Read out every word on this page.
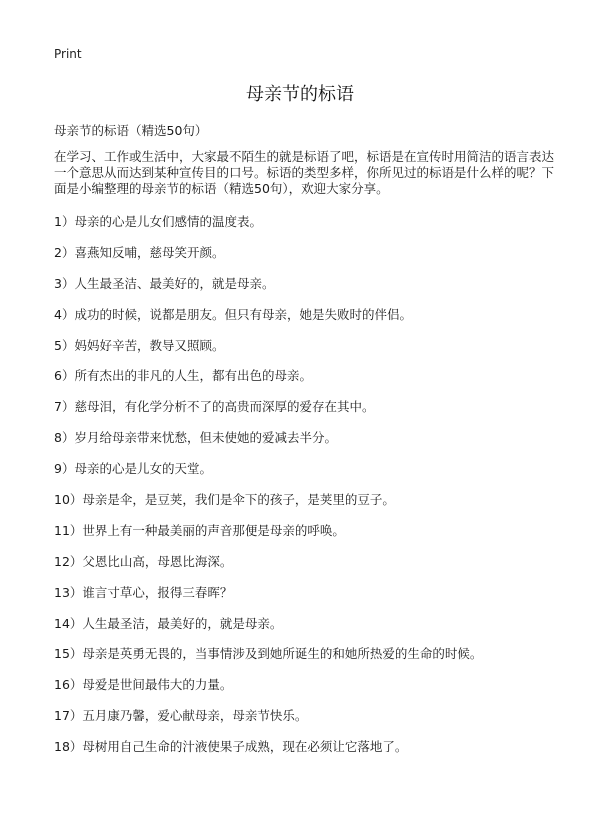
Print
母亲节的标语

母亲节的标语（精选50句）

在学习、工作或生活中，大家最不陌生的就是标语了吧，标语是在宣传时用简洁的语言表达一个意思从而达到某种宣传目的口号。标语的类型多样，你所见过的标语是什么样的呢？下面是小编整理的母亲节的标语（精选50句），欢迎大家分享。

1）母亲的心是儿女们感情的温度表。
2）喜燕知反哺，慈母笑开颜。
3）人生最圣洁、最美好的，就是母亲。
4）成功的时候，说都是朋友。但只有母亲，她是失败时的伴侣。
5）妈妈好辛苦，教导又照顾。
6）所有杰出的非凡的人生，都有出色的母亲。
7）慈母泪，有化学分析不了的高贵而深厚的爱存在其中。
8）岁月给母亲带来忧愁，但未使她的爱减去半分。
9）母亲的心是儿女的天堂。
10）母亲是伞，是豆荚，我们是伞下的孩子，是荚里的豆子。
11）世界上有一种最美丽的声音那便是母亲的呼唤。
12）父恩比山高，母恩比海深。
13）谁言寸草心，报得三春晖？
14）人生最圣洁，最美好的，就是母亲。
15）母亲是英勇无畏的，当事情涉及到她所诞生的和她所热爱的生命的时候。
16）母爱是世间最伟大的力量。
17）五月康乃馨，爱心献母亲，母亲节快乐。
18）母树用自己生命的汁液使果子成熟，现在必须让它落地了。
